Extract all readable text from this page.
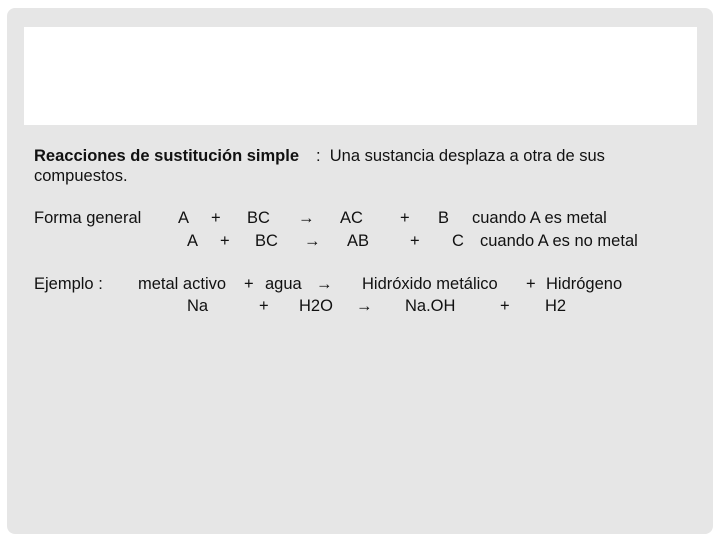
Reacciones de sustitución simple :  Una sustancia desplaza a otra de sus
compuestos.
Forma general A + BC → AC + B cuando A es metal
A + BC → AB + C cuando A es no metal
Ejemplo : metal activo + agua → Hidróxido metálico + Hidrógeno
Na	+ H2O → Na.OH	+ H2
